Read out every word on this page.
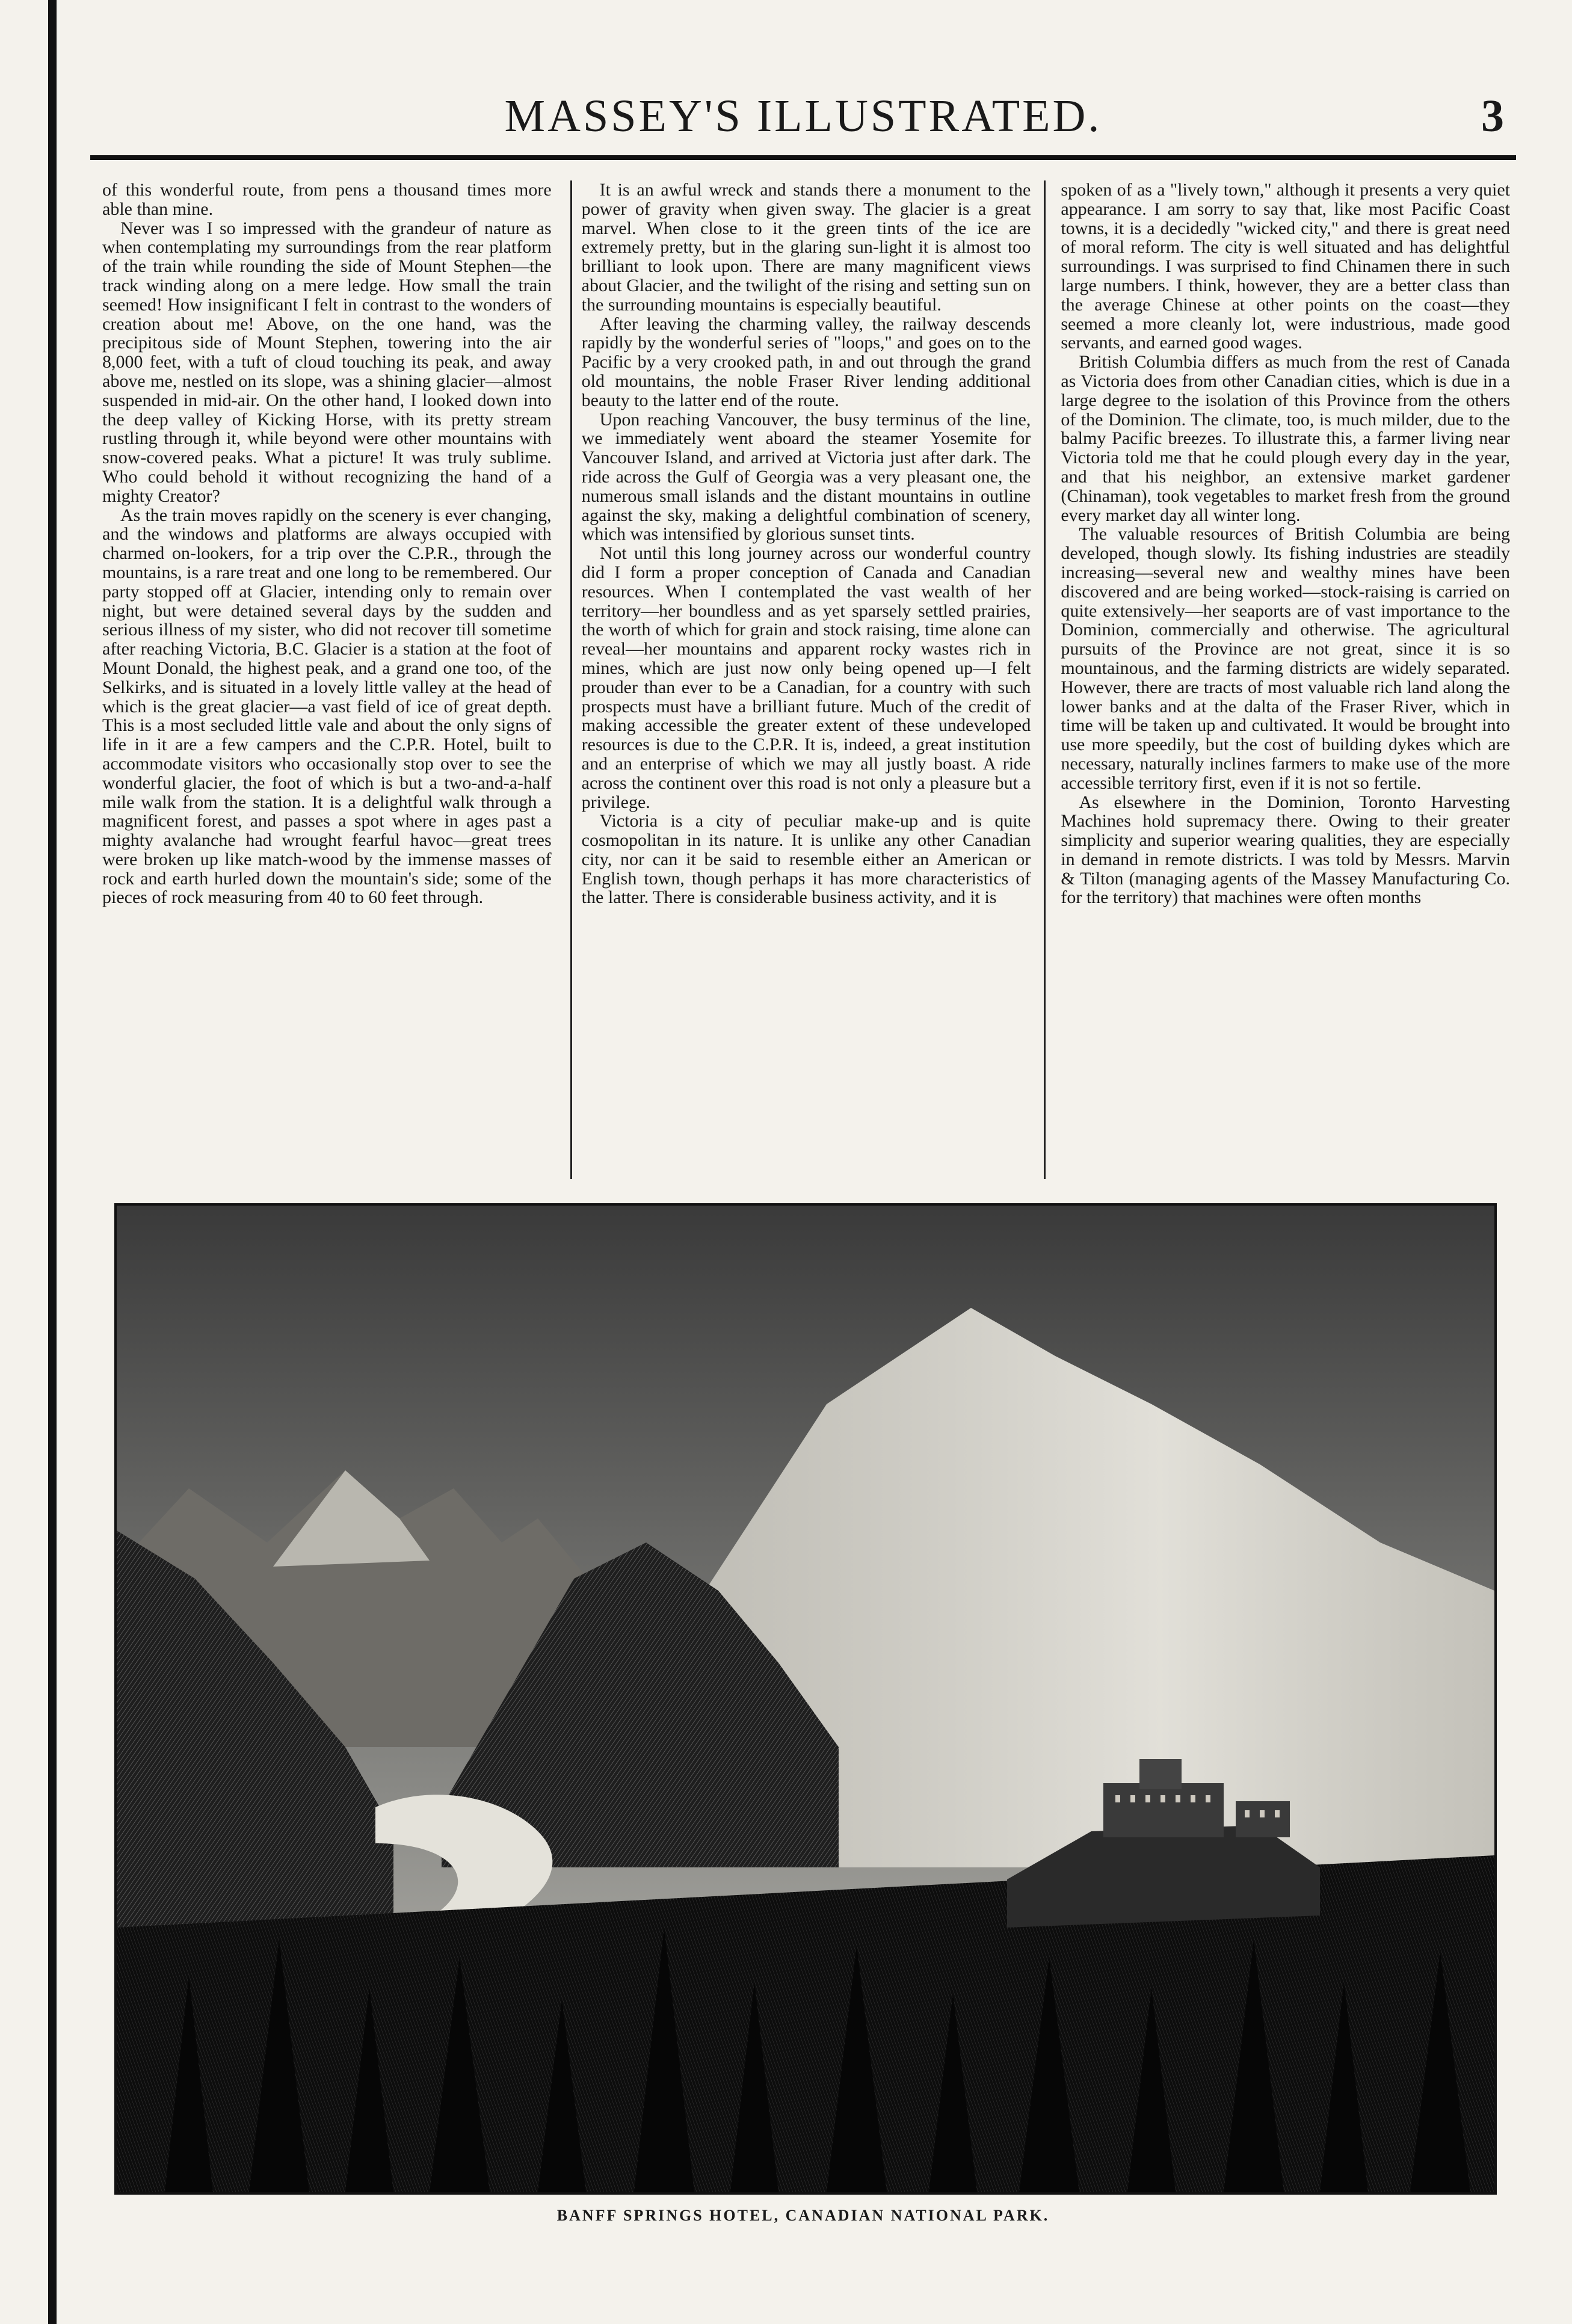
MASSEY'S ILLUSTRATED.	3

of this wonderful route, from pens a thousand times more able than mine.

Never was I so impressed with the grandeur of nature as when contemplating my surroundings from the rear platform of the train while rounding the side of Mount Stephen—the track winding along on a mere ledge. How small the train seemed! How insignificant I felt in contrast to the wonders of creation about me! Above, on the one hand, was the precipitous side of Mount Stephen, towering into the air 8,000 feet, with a tuft of cloud touching its peak, and away above me, nestled on its slope, was a shining glacier—almost suspended in mid-air. On the other hand, I looked down into the deep valley of Kicking Horse, with its pretty stream rustling through it, while beyond were other mountains with snow-covered peaks. What a picture! It was truly sublime. Who could behold it without recognizing the hand of a mighty Creator?

As the train moves rapidly on the scenery is ever changing, and the windows and platforms are always occupied with charmed on-lookers, for a trip over the C.P.R., through the mountains, is a rare treat and one long to be remembered. Our party stopped off at Glacier, intending only to remain over night, but were detained several days by the sudden and serious illness of my sister, who did not recover till sometime after reaching Victoria, B.C. Glacier is a station at the foot of Mount Donald, the highest peak, and a grand one too, of the Selkirks, and is situated in a lovely little valley at the head of which is the great glacier—a vast field of ice of great depth. This is a most secluded little vale and about the only signs of life in it are a few campers and the C.P.R. Hotel, built to accommodate visitors who occasionally stop over to see the wonderful glacier, the foot of which is but a two-and-a-half mile walk from the station. It is a delightful walk through a magnificent forest, and passes a spot where in ages past a mighty avalanche had wrought fearful havoc—great trees were broken up like match-wood by the immense masses of rock and earth hurled down the mountain's side; some of the pieces of rock measuring from 40 to 60 feet through.

It is an awful wreck and stands there a monument to the power of gravity when given sway. The glacier is a great marvel. When close to it the green tints of the ice are extremely pretty, but in the glaring sun-light it is almost too brilliant to look upon. There are many magnificent views about Glacier, and the twilight of the rising and setting sun on the surrounding mountains is especially beautiful.

After leaving the charming valley, the railway descends rapidly by the wonderful series of "loops," and goes on to the Pacific by a very crooked path, in and out through the grand old mountains, the noble Fraser River lending additional beauty to the latter end of the route.

Upon reaching Vancouver, the busy terminus of the line, we immediately went aboard the steamer Yosemite for Vancouver Island, and arrived at Victoria just after dark. The ride across the Gulf of Georgia was a very pleasant one, the numerous small islands and the distant mountains in outline against the sky, making a delightful combination of scenery, which was intensified by glorious sunset tints.

Not until this long journey across our wonderful country did I form a proper conception of Canada and Canadian resources. When I contemplated the vast wealth of her territory—her boundless and as yet sparsely settled prairies, the worth of which for grain and stock raising, time alone can reveal—her mountains and apparent rocky wastes rich in mines, which are just now only being opened up—I felt prouder than ever to be a Canadian, for a country with such prospects must have a brilliant future. Much of the credit of making accessible the greater extent of these undeveloped resources is due to the C.P.R. It is, indeed, a great institution and an enterprise of which we may all justly boast. A ride across the continent over this road is not only a pleasure but a privilege.

Victoria is a city of peculiar make-up and is quite cosmopolitan in its nature. It is unlike any other Canadian city, nor can it be said to resemble either an American or English town, though perhaps it has more characteristics of the latter. There is considerable business activity, and it is

spoken of as a "lively town," although it presents a very quiet appearance. I am sorry to say that, like most Pacific Coast towns, it is a decidedly "wicked city," and there is great need of moral reform. The city is well situated and has delightful surroundings. I was surprised to find Chinamen there in such large numbers. I think, however, they are a better class than the average Chinese at other points on the coast—they seemed a more cleanly lot, were industrious, made good servants, and earned good wages.

British Columbia differs as much from the rest of Canada as Victoria does from other Canadian cities, which is due in a large degree to the isolation of this Province from the others of the Dominion. The climate, too, is much milder, due to the balmy Pacific breezes. To illustrate this, a farmer living near Victoria told me that he could plough every day in the year, and that his neighbor, an extensive market gardener (Chinaman), took vegetables to market fresh from the ground every market day all winter long.

The valuable resources of British Columbia are being developed, though slowly. Its fishing industries are steadily increasing—several new and wealthy mines have been discovered and are being worked—stock-raising is carried on quite extensively—her seaports are of vast importance to the Dominion, commercially and otherwise. The agricultural pursuits of the Province are not great, since it is so mountainous, and the farming districts are widely separated. However, there are tracts of most valuable rich land along the lower banks and at the dalta of the Fraser River, which in time will be taken up and cultivated. It would be brought into use more speedily, but the cost of building dykes which are necessary, naturally inclines farmers to make use of the more accessible territory first, even if it is not so fertile.

As elsewhere in the Dominion, Toronto Harvesting Machines hold supremacy there. Owing to their greater simplicity and superior wearing qualities, they are especially in demand in remote districts. I was told by Messrs. Marvin & Tilton (managing agents of the Massey Manufacturing Co. for the territory) that machines were often months

BANFF SPRINGS HOTEL, CANADIAN NATIONAL PARK.
